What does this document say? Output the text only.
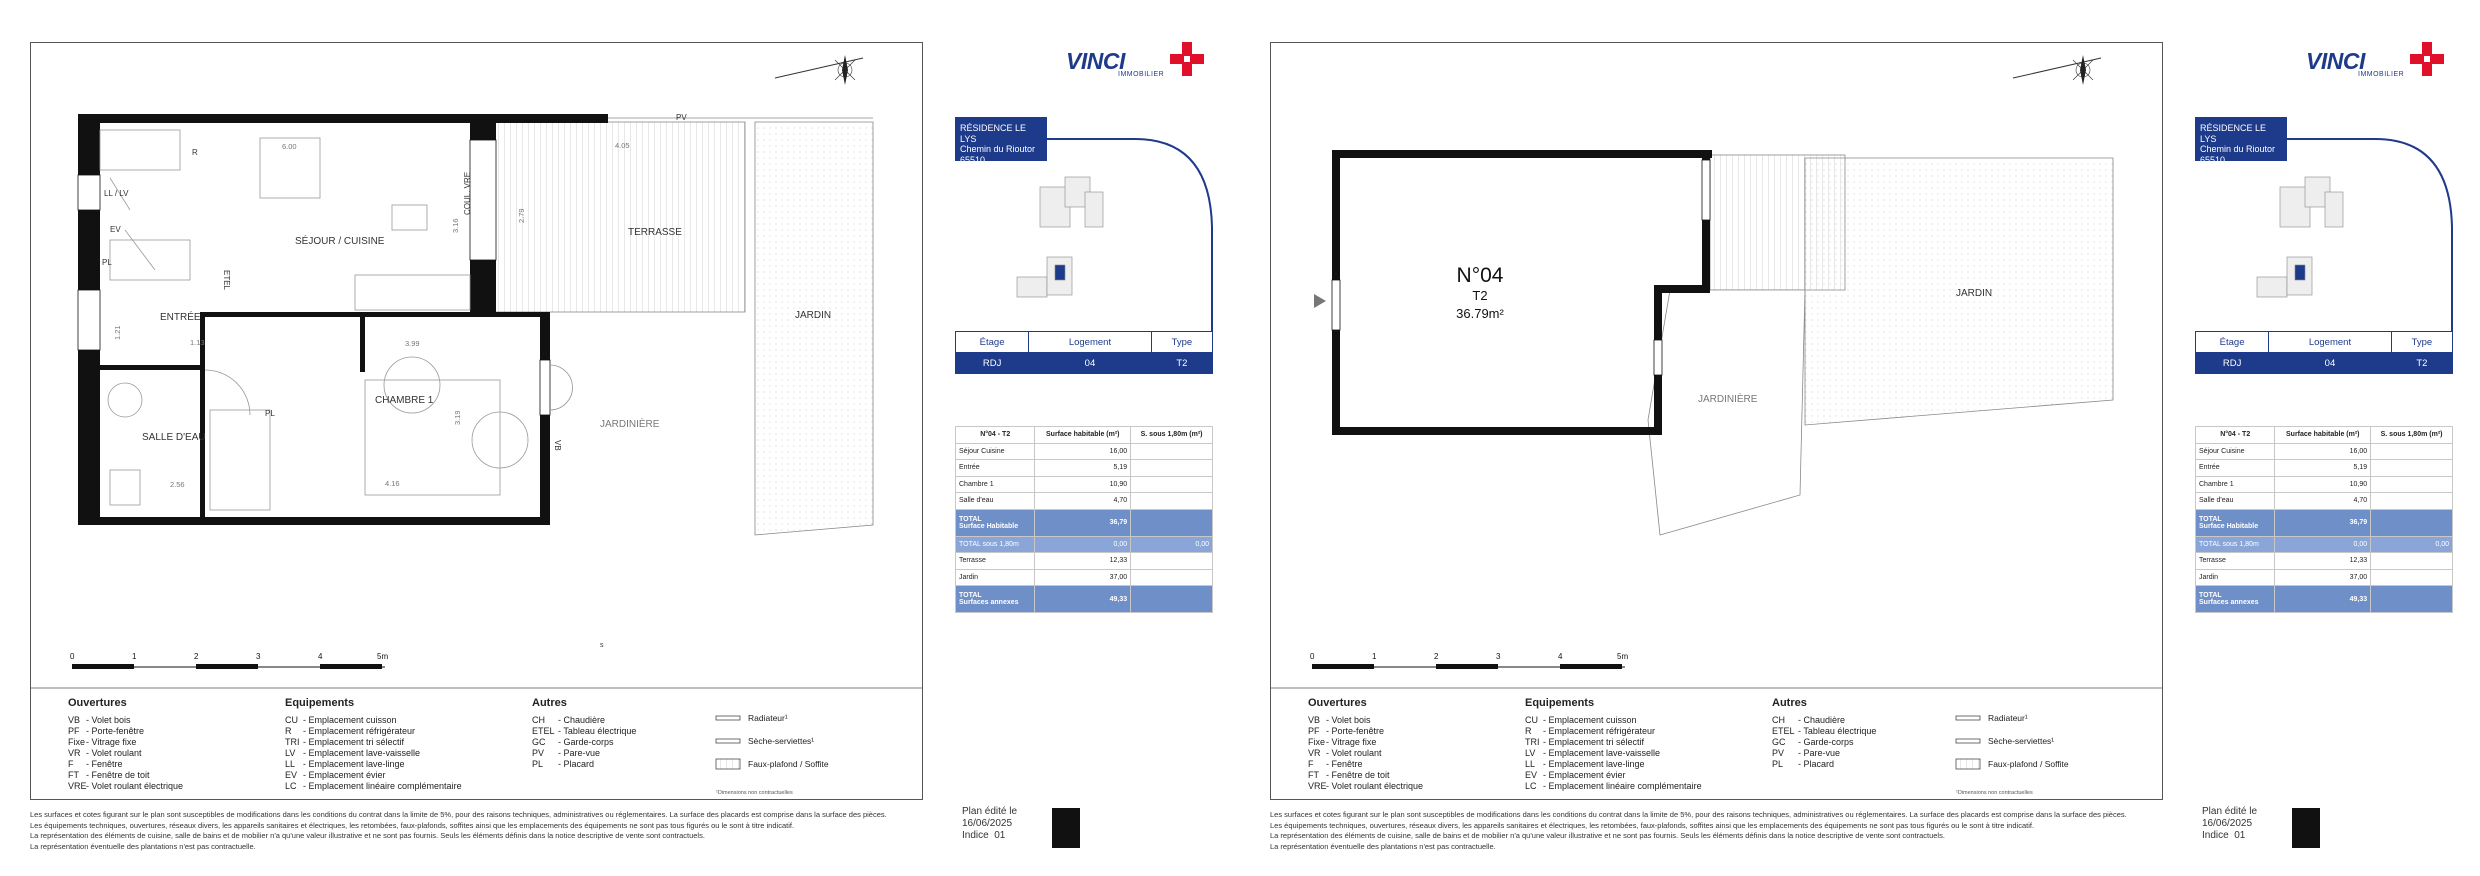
SÉJOUR / CUISINE
TERRASSE
JARDIN
JARDINIÈRE
ENTRÉE
CHAMBRE 1
SALLE D'EAU
PV
R
LL / LV
EV
ETEL
PL
PL
VB
COUL. VRE
6.00	4.05
3.16
2.79
1.13	3.99
2.56	4.16
3.19
1.21
0	1	2	3	4	5m
s
Radiateur¹
Sèche-serviettes¹
Faux-plafond / Soffite
¹Dimensions non contractuelles
Ouvertures
VB - Volet bois
PF - Porte-fenêtre
Fixe- Vitrage fixe
VR - Volet roulant
F - Fenêtre
FT - Fenêtre de toit
VRE- Volet roulant électrique
Equipements
CU - Emplacement cuisson
R - Emplacement réfrigérateur
TRI - Emplacement tri sélectif
LV - Emplacement lave-vaisselle
LL - Emplacement lave-linge
EV - Emplacement évier
LC - Emplacement linéaire complémentaire
Autres
CH - Chaudière
ETEL - Tableau électrique
GC - Garde-corps
PV - Pare-vue
PL - Placard
Les surfaces et cotes figurant sur le plan sont susceptibles de modifications dans les conditions du contrat dans la limite de 5%, pour des raisons techniques, administratives ou réglementaires. La surface des placards est comprise dans la surface des pièces.
Les équipements techniques, ouvertures, réseaux divers, les appareils sanitaires et électriques, les retombées, faux-plafonds, soffites ainsi que les emplacements des équipements ne sont pas tous figurés ou le sont à titre indicatif.
La représentation des éléments de cuisine, salle de bains et de mobilier n'a qu'une valeur illustrative et ne sont pas fournis. Seuls les éléments définis dans la notice descriptive de vente sont contractuels.
La représentation éventuelle des plantations n'est pas contractuelle.
Plan édité le
16/06/2025
Indice 01
VINCI
IMMOBILIER
RÉSIDENCE LE LYS
Chemin du Rioutor
65510 LOUDENVIELLE
Étage	Logement	Type
RDJ	04	T2
N°04 - T2	Surface habitable (m²)	S. sous 1,80m (m²)
Séjour Cuisine	16,00	
Entrée	5,19	
Chambre 1	10,90	
Salle d'eau	4,70	
TOTAL
Surface Habitable	36,79	
TOTAL sous 1,80m	0,00	0,00
Terrasse	12,33	
Jardin	37,00	
TOTAL
Surfaces annexes	49,33	
N°04
T2
36.79m²
JARDIN
JARDINIÈRE
0	1	2	3	4	5m
Radiateur¹
Sèche-serviettes¹
Faux-plafond / Soffite
¹Dimensions non contractuelles
Ouvertures
VB - Volet bois
PF - Porte-fenêtre
Fixe- Vitrage fixe
VR - Volet roulant
F - Fenêtre
FT - Fenêtre de toit
VRE- Volet roulant électrique
Equipements
CU - Emplacement cuisson
R - Emplacement réfrigérateur
TRI - Emplacement tri sélectif
LV - Emplacement lave-vaisselle
LL - Emplacement lave-linge
EV - Emplacement évier
LC - Emplacement linéaire complémentaire
Autres
CH - Chaudière
ETEL - Tableau électrique
GC - Garde-corps
PV - Pare-vue
PL - Placard
Les surfaces et cotes figurant sur le plan sont susceptibles de modifications dans les conditions du contrat dans la limite de 5%, pour des raisons techniques, administratives ou réglementaires. La surface des placards est comprise dans la surface des pièces.
Les équipements techniques, ouvertures, réseaux divers, les appareils sanitaires et électriques, les retombées, faux-plafonds, soffites ainsi que les emplacements des équipements ne sont pas tous figurés ou le sont à titre indicatif.
La représentation des éléments de cuisine, salle de bains et de mobilier n'a qu'une valeur illustrative et ne sont pas fournis. Seuls les éléments définis dans la notice descriptive de vente sont contractuels.
La représentation éventuelle des plantations n'est pas contractuelle.
Plan édité le
16/06/2025
Indice 01
VINCI
IMMOBILIER
RÉSIDENCE LE LYS
Chemin du Rioutor
65510 LOUDENVIELLE
Étage	Logement	Type
RDJ	04	T2
N°04 - T2	Surface habitable (m²)	S. sous 1,80m (m²)
Séjour Cuisine	16,00	
Entrée	5,19	
Chambre 1	10,90	
Salle d'eau	4,70	
TOTAL
Surface Habitable	36,79	
TOTAL sous 1,80m	0,00	0,00
Terrasse	12,33	
Jardin	37,00	
TOTAL
Surfaces annexes	49,33	
